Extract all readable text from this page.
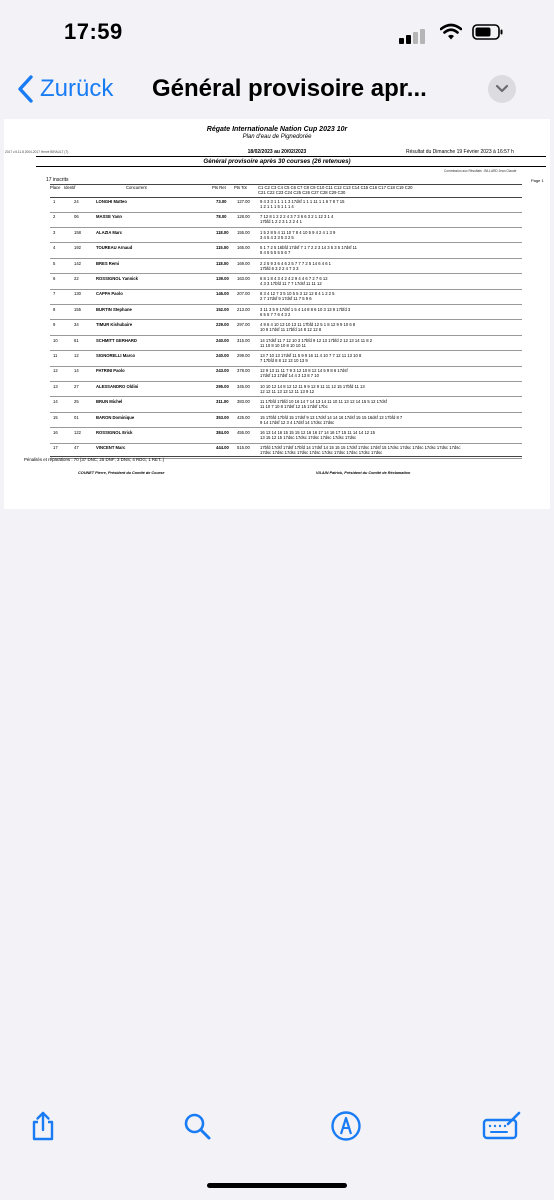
17:59
Zurück Général provisoire apr...
2017 v.5.11.8 2004-2017 Hervé BIRAULT (T)
Régate Internationale Nation Cup 2023 10r
Plan d'eau de Pignedorée
18/02/2023 au 20/02/2023	Résultat du Dimanche 19 Février 2023 à 16:57 h
Général provisoire après 30 courses (26 retenues)
Commission aux Résultats : BILLARD Jean Claude
Page 1
17 inscrits
Place Identif	Concurrent	Pts Ret Pts Tot	C1 C2 C3 C4 C5 C6 C7 C8 C9 C10 C11 C12 C13 C14 C15 C16 C17 C18 C19 C20
C21 C22 C23 C24 C25 C26 C27 C28 C29 C30
1	24	LONGHI Matteo	73.00	127.00 9 4 3 3 1 1 1 1 3 17dsf 1 1 1 11 1 1 6 7 8 7 15
1 2 1 1 1 5 1 1 1 4
2	06	MASSE Yann	78.00	128.00 7 12 8 1 2 2 2 4 3 7 3 6 6 3 2 1 12 3 1 4
17bfd 1 2 2 3 1 2 2 4 1
3	158	ALAZIA Marc	118.00 155.00 1 5 2 8 5 4 11 10 7 8 4 10 5 9 4 2 4 1 3 9
3 4 5 4 3 3 5 3 2 5
4	192	TOUREAU Arnaud	115.00 165.00 5 1 7 2 5 16bfd 17dsf 7 1 7 2 2 3 14 3 5 3 5 17dsf 11
8 4 5 5 5 5 5 6 7
5	142	BRES Remi	118.00 169.00 2 2 5 9 3 6 4 6 2 5 7 7 7 2 5 14 6 4 6 1
17bfd 6 3 2 2 4 7 3 3
6	22	ROSSIGNOL Yannick	139.00 163.00 6 8 1 8 4 3 4 2 4 2 9 4 4 6 7 2 7 6 12
4 3 3 17bfd 11 7 7 17dsf 11 11 12
7	130	CAPPA Paolo	146.00 207.00 8 3 4 12 7 3 5 10 5 5 3 12 12 8 4 1 2 2 5
2 7 17dsf 9 17dsf 11 7 5 9 6
8	155	BURTIN Stephane	152.00 213.00 3 11 3 5 9 17dsf 1 5 4 14 8 8 6 10 3 13 9 17bfd 3
6 5 5 7 7 6 4 3 2
9	34	TIMUR Kishubaire	229.00 297.00 4 9 6 4 10 13 10 13 11 17bfd 12 5 1 8 12 9 9 10 6 8
10 9 17dsf 11 17bfd 14 8 12 12 8
10	61	SCHMITT GERHARD	240.00 315.00 14 17dsf 11 7 12 10 3 17bfd 9 12 13 17bfd 2 12 13 14 11 8 2
11 10 8 10 10 8 10 10 11
11	12	SIGNORELLI Marco	240.00 299.00 13 7 10 13 17dsf 11 5 9 9 16 11 4 10 7 7 12 11 13 10 8
7 17bfd 8 8 12 13 10 13 9
12	14	PATRINI Paolo	243.00 378.00 12 9 13 11 11 7 9 3 12 10 8 12 14 5 9 8 6 17dsf
17dsf 13 17dsf 14 4 3 13 8 7 10
13	27	ALESSANDRO Oldini	295.00 345.00 10 10 12 14 8 12 12 11 9 9 12 9 11 11 12 15 17bfd 11 13
12 12 11 13 13 12 11 13 9 12
14	25	BRUN Michel	311.00 383.00 11 17bfd 17bfd 10 16 14 7 14 13 14 11 10 11 13 12 14 15 5 12 17dsf
11 10 7 10 8 17dsf 12 15 17dsf 17bc
15	01	BARON Dominique	353.00 425.00 15 17bfd 17bfd 15 17dsf 9 13 17dsf 14 14 16 17dsf 15 15 16dsf 13 17bfd 8 7
9 14 17dsf 12 3 4 17dsf 14 17dsc 17dsc
16	122	ROSSIGNOL Erick	384.00 455.00 16 13 14 16 15 15 15 12 16 16 17 14 16 17 15 11 14 14 12 15
13 15 12 15 17dsc 17dsc 17dsc 17dsc 17dsc 17dsc
17	47	VINCENT Marc	444.00 515.00 17bfd 17dsf 17dsf 17bfd 14 17dsf 14 15 15 15 17dsf 17dsc 17dsf 15 17dsc 17dsc 17dsc 17dsc 17dsc 17dsc
17dsc 17dsc 17dsc 17dsc 17dsc 17dsc 17dsc 17dsc 17dsc 17dsc
Pénalités et réparations : 70 (37 DNC; 25 DNF; 3 DNS; 4 RDG; 1 RET..)
COUNET Pierre, Président du Comité de Course	VILAIN Patrick, Président du Comité de Réclamation
